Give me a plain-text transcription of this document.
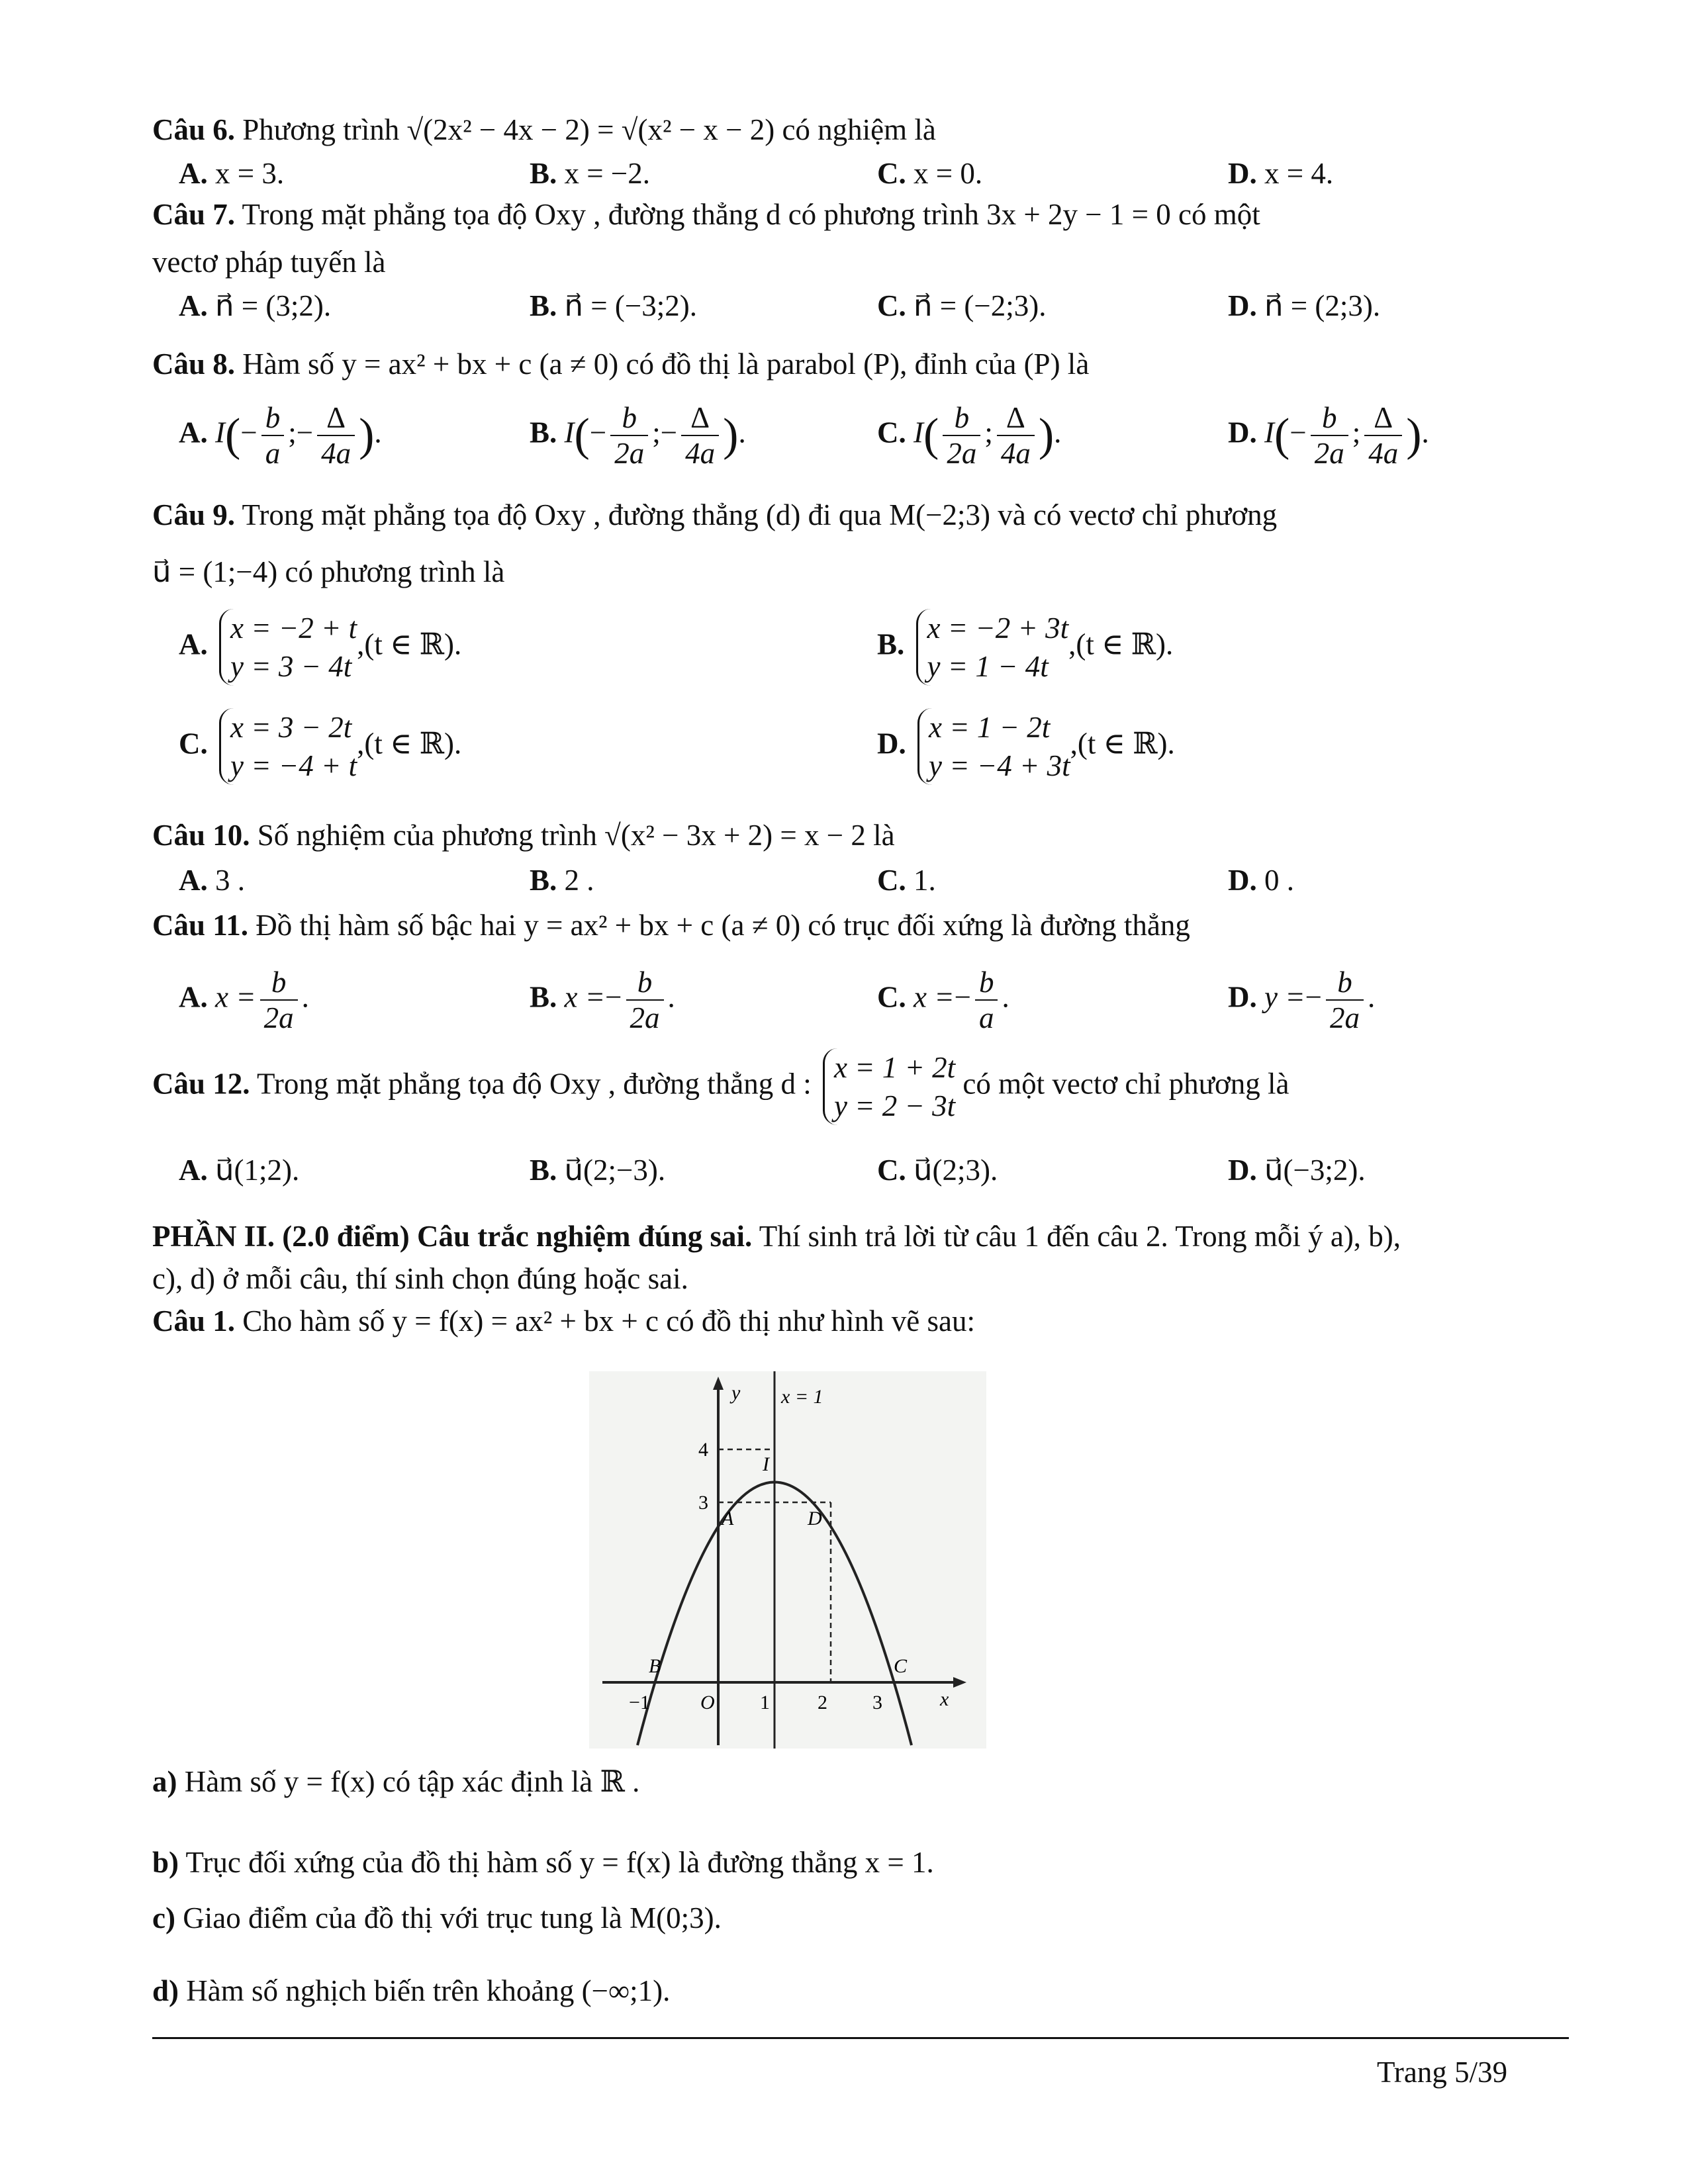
Câu 6. Phương trình √(2x² − 4x − 2) = √(x² − x − 2) có nghiệm là
A. x = 3.	B. x = −2.	C. x = 0.	D. x = 4.
Câu 7. Trong mặt phẳng tọa độ Oxy , đường thẳng d có phương trình 3x + 2y − 1 = 0 có một
vectơ pháp tuyến là
A. n⃗ = (3;2).	B. n⃗ = (−3;2).	C. n⃗ = (−2;3).	D. n⃗ = (2;3).
Câu 8. Hàm số y = ax² + bx + c (a ≠ 0) có đồ thị là parabol (P), đỉnh của (P) là
A. $I(- \frac{b}{a}$ ;− $\frac{\Delta}{4a}$ ).	B. $I(- \frac{b}{2a}$ ;− $\frac{\Delta}{4a}$ ).	C. $I( \frac{b}{2a}$ ; $\frac{\Delta}{4a}$ ).	D. $I(- \frac{b}{2a}$ ; $\frac{\Delta}{4a}$ ).
Câu 9. Trong mặt phẳng tọa độ Oxy , đường thẳng (d) đi qua M(−2;3) và có vectơ chỉ phương
u⃗ = (1;−4) có phương trình là
A. x = −2 + t
y = 3 − 4t
,(t ∈ ℝ).	B. x = −2 + 3t
y = 1 − 4t
,(t ∈ ℝ).
C. x = 3 − 2t
y = −4 + t
,(t ∈ ℝ).	D. x = 1 − 2t
y = −4 + 3t
,(t ∈ ℝ).
Câu 10. Số nghiệm của phương trình √(x² − 3x + 2) = x − 2 là
A. 3 .	B. 2 .	C. 1.	D. 0 .
Câu 11. Đồ thị hàm số bậc hai y = ax² + bx + c (a ≠ 0) có trục đối xứng là đường thẳng
A. $x = \frac{b}{2a}$ .	B. $x =- \frac{b}{2a}$ .	C. $x =- \frac{b}{a}$ .	D. $y =- \frac{b}{2a}$ .
Câu 12. Trong mặt phẳng tọa độ Oxy , đường thẳng d : x = 1 + 2t
y = 2 − 3t
có một vectơ chỉ phương là
A. u⃗(1;2).	B. u⃗(2;−3).	C. u⃗(2;3).	D. u⃗(−3;2).
PHẦN II. (2.0 điểm) Câu trắc nghiệm đúng sai. Thí sinh trả lời từ câu 1 đến câu 2. Trong mỗi ý a), b),
c), d) ở mỗi câu, thí sinh chọn đúng hoặc sai.
Câu 1. Cho hàm số y = f(x) = ax² + bx + c có đồ thị như hình vẽ sau:
y x = 1
4
3
I
A	D
B	C
−1	O 1 2 3	x
a) Hàm số y = f(x) có tập xác định là ℝ .
b) Trục đối xứng của đồ thị hàm số y = f(x) là đường thẳng x = 1.
c) Giao điểm của đồ thị với trục tung là M(0;3).
d) Hàm số nghịch biến trên khoảng (−∞;1).
Trang 5/39
